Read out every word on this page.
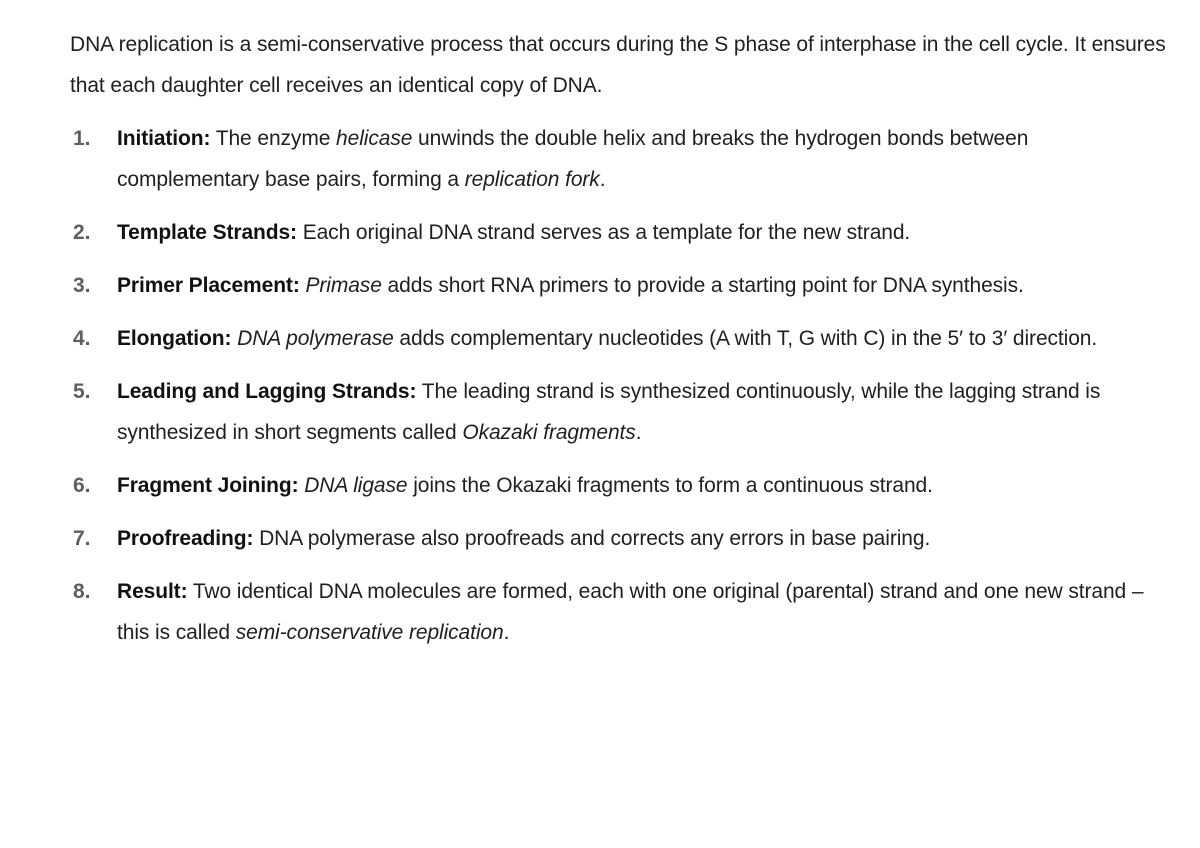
DNA replication is a semi-conservative process that occurs during the S phase of interphase in the cell cycle. It ensures that each daughter cell receives an identical copy of DNA.

1. Initiation: The enzyme helicase unwinds the double helix and breaks the hydrogen bonds between complementary base pairs, forming a replication fork.
2. Template Strands: Each original DNA strand serves as a template for the new strand.
3. Primer Placement: Primase adds short RNA primers to provide a starting point for DNA synthesis.
4. Elongation: DNA polymerase adds complementary nucleotides (A with T, G with C) in the 5′ to 3′ direction.
5. Leading and Lagging Strands: The leading strand is synthesized continuously, while the lagging strand is synthesized in short segments called Okazaki fragments.
6. Fragment Joining: DNA ligase joins the Okazaki fragments to form a continuous strand.
7. Proofreading: DNA polymerase also proofreads and corrects any errors in base pairing.
8. Result: Two identical DNA molecules are formed, each with one original (parental) strand and one new strand – this is called semi-conservative replication.
